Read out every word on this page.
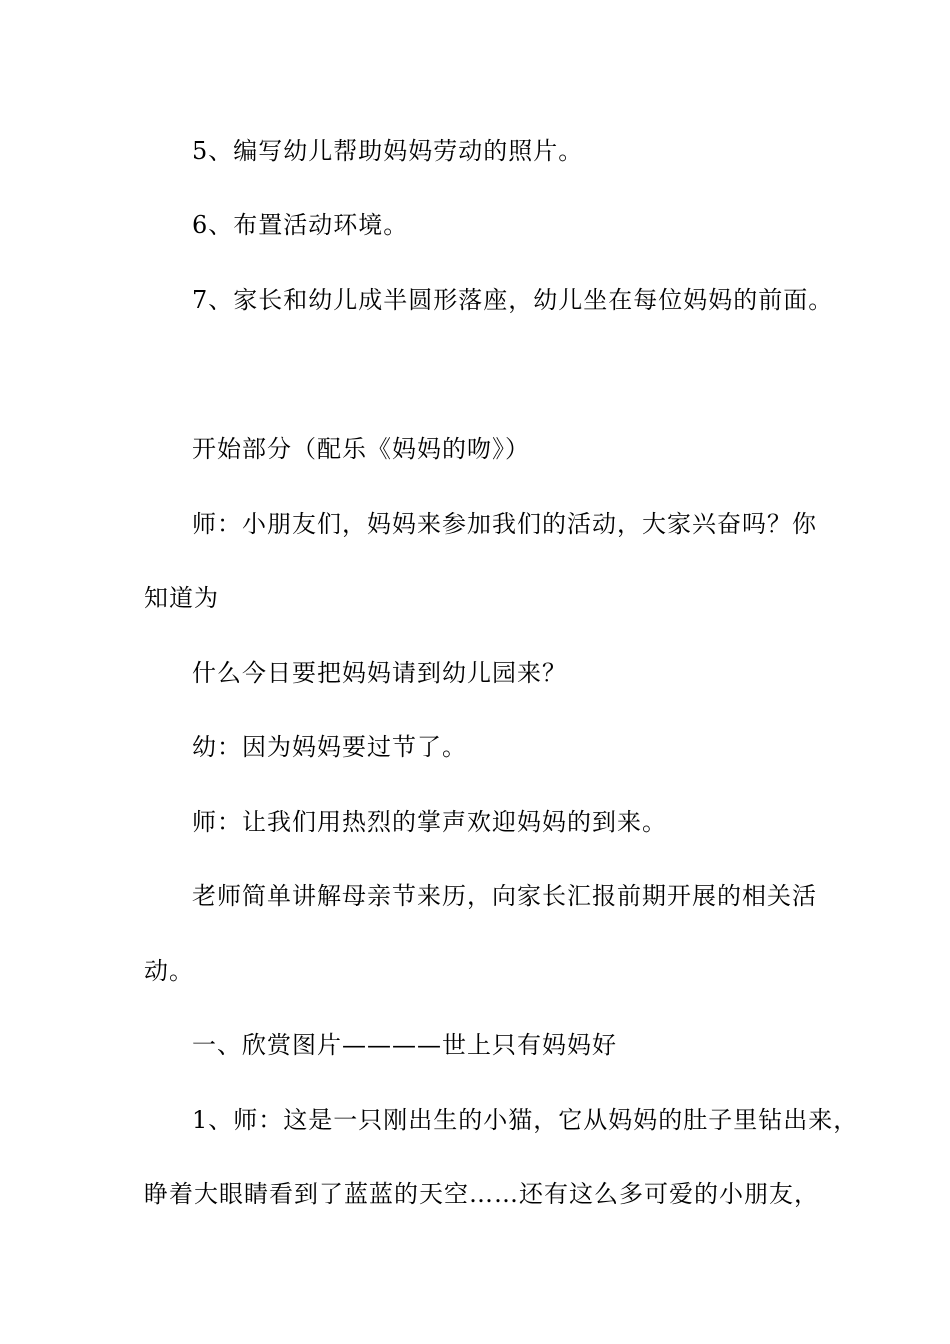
5、编写幼儿帮助妈妈劳动的照片。
6、布置活动环境。
7、家长和幼儿成半圆形落座，幼儿坐在每位妈妈的前面。
开始部分（配乐《妈妈的吻》）
师：小朋友们，妈妈来参加我们的活动，大家兴奋吗？你
知道为
什么今日要把妈妈请到幼儿园来？
幼：因为妈妈要过节了。
师：让我们用热烈的掌声欢迎妈妈的到来。
老师简单讲解母亲节来历，向家长汇报前期开展的相关活
动。
一、欣赏图片————世上只有妈妈好
1、师：这是一只刚出生的小猫，它从妈妈的肚子里钻出来，
睁着大眼睛看到了蓝蓝的天空……还有这么多可爱的小朋友，
